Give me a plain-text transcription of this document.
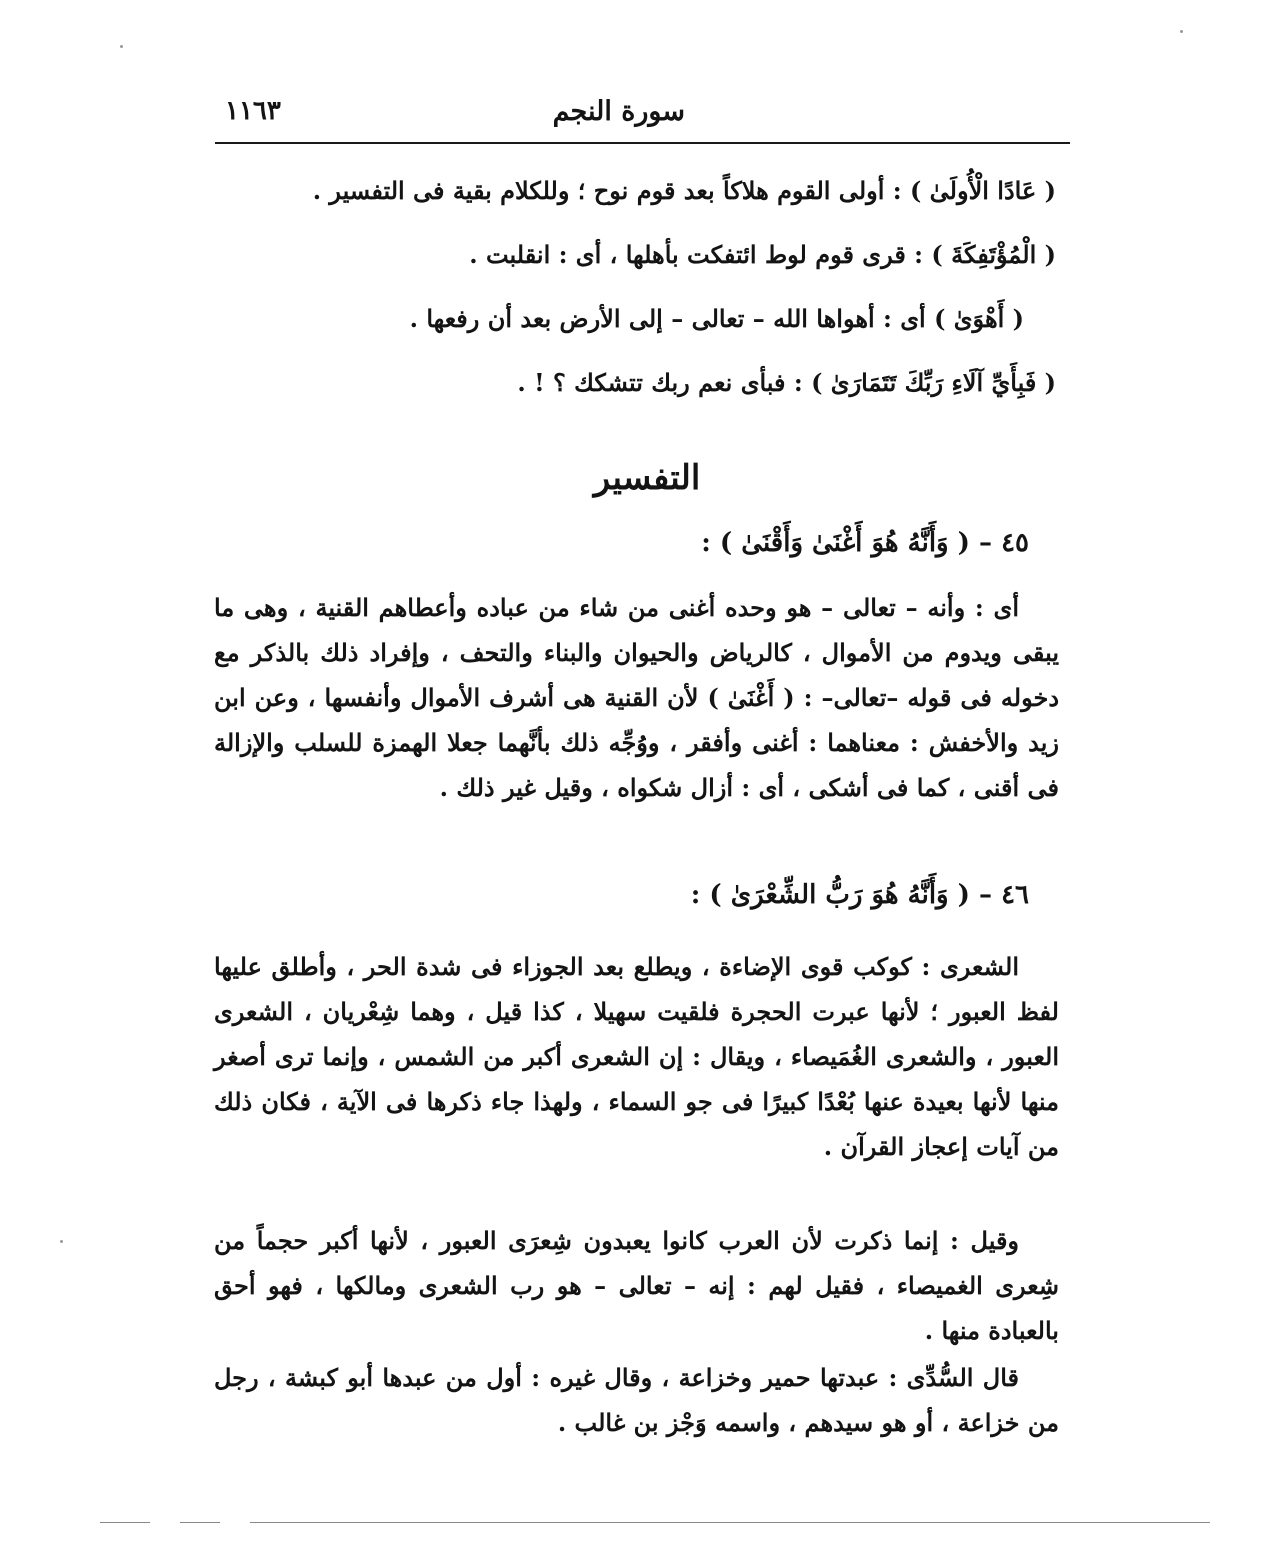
سورة النجم
١١٦٣
( عَادًا الْأُولَىٰ ) : أولى القوم هلاكاً بعد قوم نوح ؛ وللكلام بقية فى التفسير .
( الْمُؤْتَفِكَةَ ) : قرى قوم لوط ائتفكت بأهلها ، أى : انقلبت .
( أَهْوَىٰ ) أى : أهواها الله – تعالى – إلى الأرض بعد أن رفعها .
( فَبِأَيِّ آلَاءِ رَبِّكَ تَتَمَارَىٰ ) : فبأى نعم ربك تتشكك ؟ ! .
التفسير
٤٥ – ( وَأَنَّهُ هُوَ أَغْنَىٰ وَأَقْنَىٰ ) :

أى : وأنه – تعالى – هو وحده أغنى من شاء من عباده وأعطاهم القنية ، وهى ما يبقى ويدوم من الأموال ، كالرياض والحيوان والبناء والتحف ، وإفراد ذلك بالذكر مع دخوله فى قوله –تعالى– : ( أَغْنَىٰ ) لأن القنية هى أشرف الأموال وأنفسها ، وعن ابن زيد والأخفش : معناهما : أغنى وأفقر ، ووُجِّه ذلك بأنَّهما جعلا الهمزة للسلب والإزالة فى أقنى ، كما فى أشكى ، أى : أزال شكواه ، وقيل غير ذلك .

٤٦ – ( وَأَنَّهُ هُوَ رَبُّ الشِّعْرَىٰ ) :

الشعرى : كوكب قوى الإضاءة ، ويطلع بعد الجوزاء فى شدة الحر ، وأطلق عليها لفظ العبور ؛ لأنها عبرت الحجرة فلقيت سهيلا ، كذا قيل ، وهما شِعْريان ، الشعرى العبور ، والشعرى الغُمَيصاء ، ويقال : إن الشعرى أكبر من الشمس ، وإنما ترى أصغر منها لأنها بعيدة عنها بُعْدًا كبيرًا فى جو السماء ، ولهذا جاء ذكرها فى الآية ، فكان ذلك من آيات إعجاز القرآن .

وقيل : إنما ذكرت لأن العرب كانوا يعبدون شِعرَى العبور ، لأنها أكبر حجماً من شِعرى الغميصاء ، فقيل لهم : إنه – تعالى – هو رب الشعرى ومالكها ، فهو أحق بالعبادة منها .

قال السُّدِّى : عبدتها حمير وخزاعة ، وقال غيره : أول من عبدها أبو كبشة ، رجل من خزاعة ، أو هو سيدهم ، واسمه وَجْز بن غالب .
